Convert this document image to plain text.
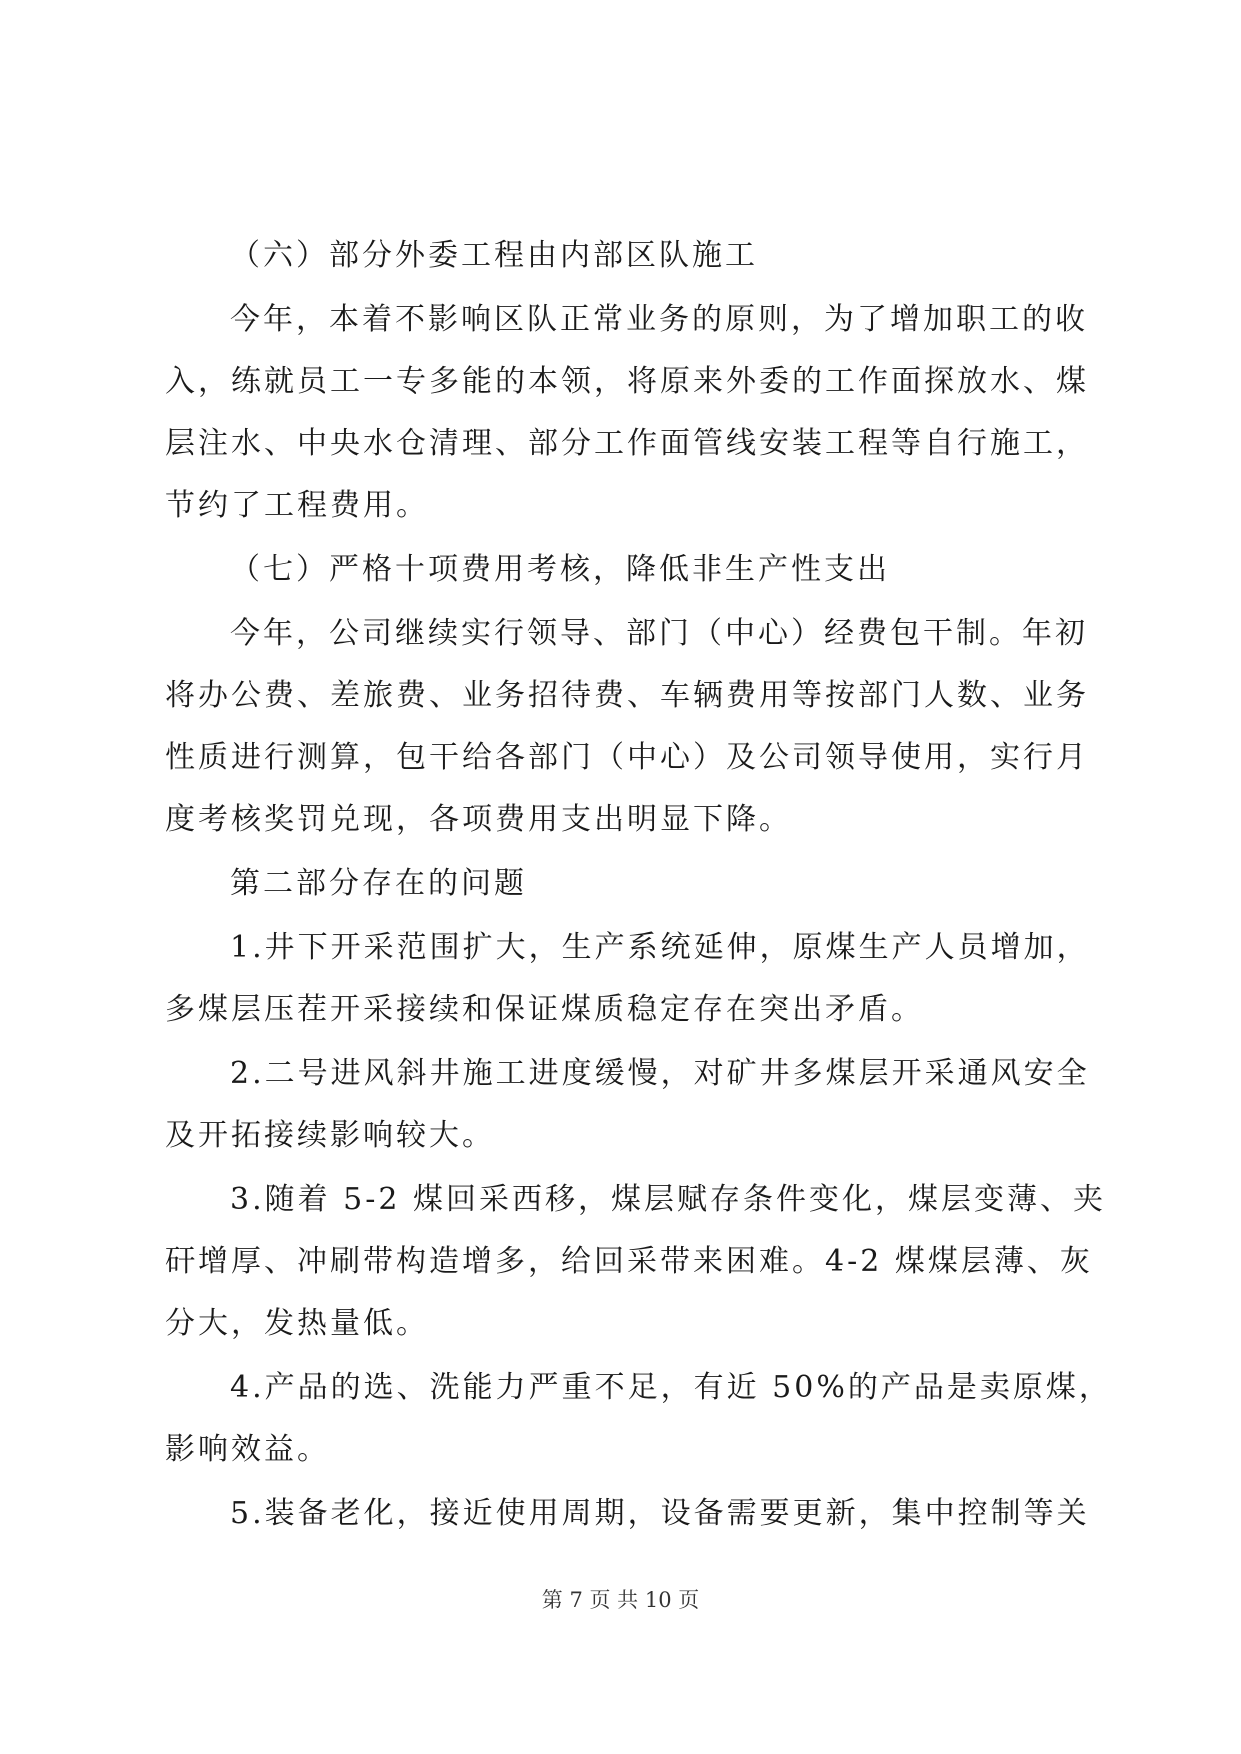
（六）部分外委工程由内部区队施工
今年，本着不影响区队正常业务的原则，为了增加职工的收
入，练就员工一专多能的本领，将原来外委的工作面探放水、煤
层注水、中央水仓清理、部分工作面管线安装工程等自行施工，
节约了工程费用。
（七）严格十项费用考核，降低非生产性支出
今年，公司继续实行领导、部门（中心）经费包干制。年初
将办公费、差旅费、业务招待费、车辆费用等按部门人数、业务
性质进行测算，包干给各部门（中心）及公司领导使用，实行月
度考核奖罚兑现，各项费用支出明显下降。
第二部分存在的问题
1.井下开采范围扩大，生产系统延伸，原煤生产人员增加，
多煤层压茬开采接续和保证煤质稳定存在突出矛盾。
2.二号进风斜井施工进度缓慢，对矿井多煤层开采通风安全
及开拓接续影响较大。
3.随着 5-2 煤回采西移，煤层赋存条件变化，煤层变薄、夹
矸增厚、冲刷带构造增多，给回采带来困难。4-2 煤煤层薄、灰
分大，发热量低。
4.产品的选、洗能力严重不足，有近 50%的产品是卖原煤，
影响效益。
5.装备老化，接近使用周期，设备需要更新，集中控制等关
第 7 页 共 10 页
